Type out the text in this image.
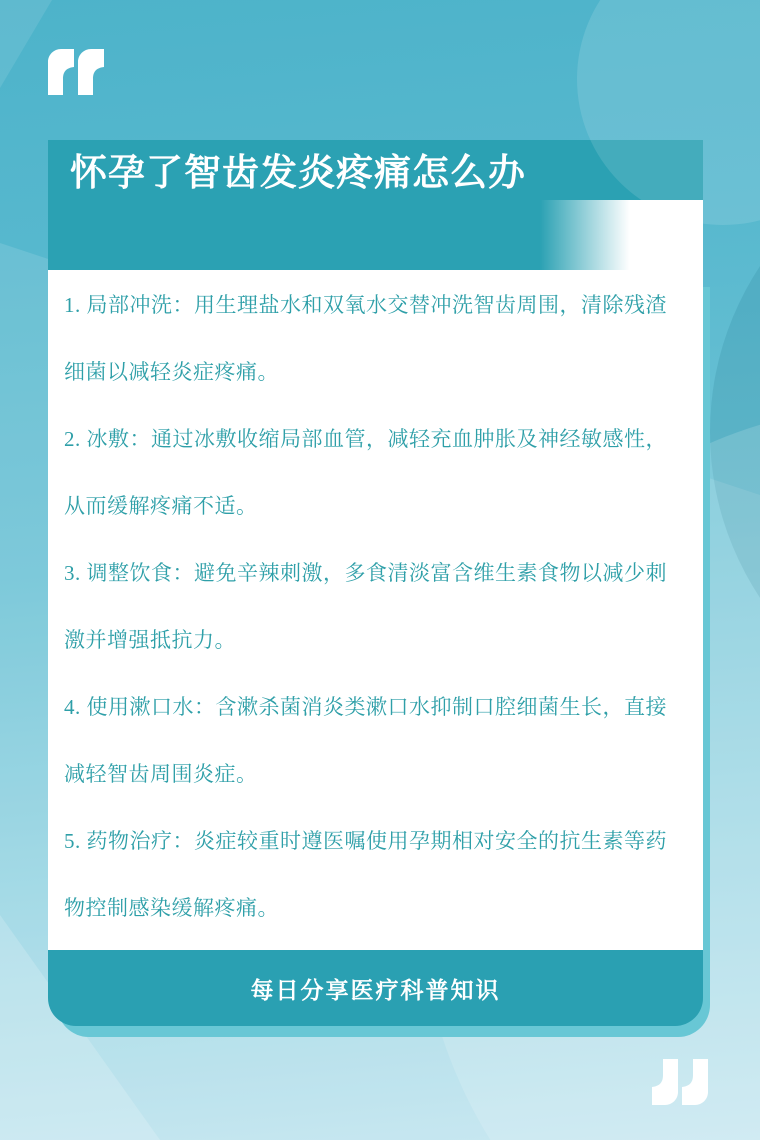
怀孕了智齿发炎疼痛怎么办

1. 局部冲洗：用生理盐水和双氧水交替冲洗智齿周围，清除残渣细菌以减轻炎症疼痛。

2. 冰敷：通过冰敷收缩局部血管，减轻充血肿胀及神经敏感性，从而缓解疼痛不适。

3. 调整饮食：避免辛辣刺激，多食清淡富含维生素食物以减少刺激并增强抵抗力。

4. 使用漱口水：含漱杀菌消炎类漱口水抑制口腔细菌生长，直接减轻智齿周围炎症。

5. 药物治疗：炎症较重时遵医嘱使用孕期相对安全的抗生素等药物控制感染缓解疼痛。

每日分享医疗科普知识
